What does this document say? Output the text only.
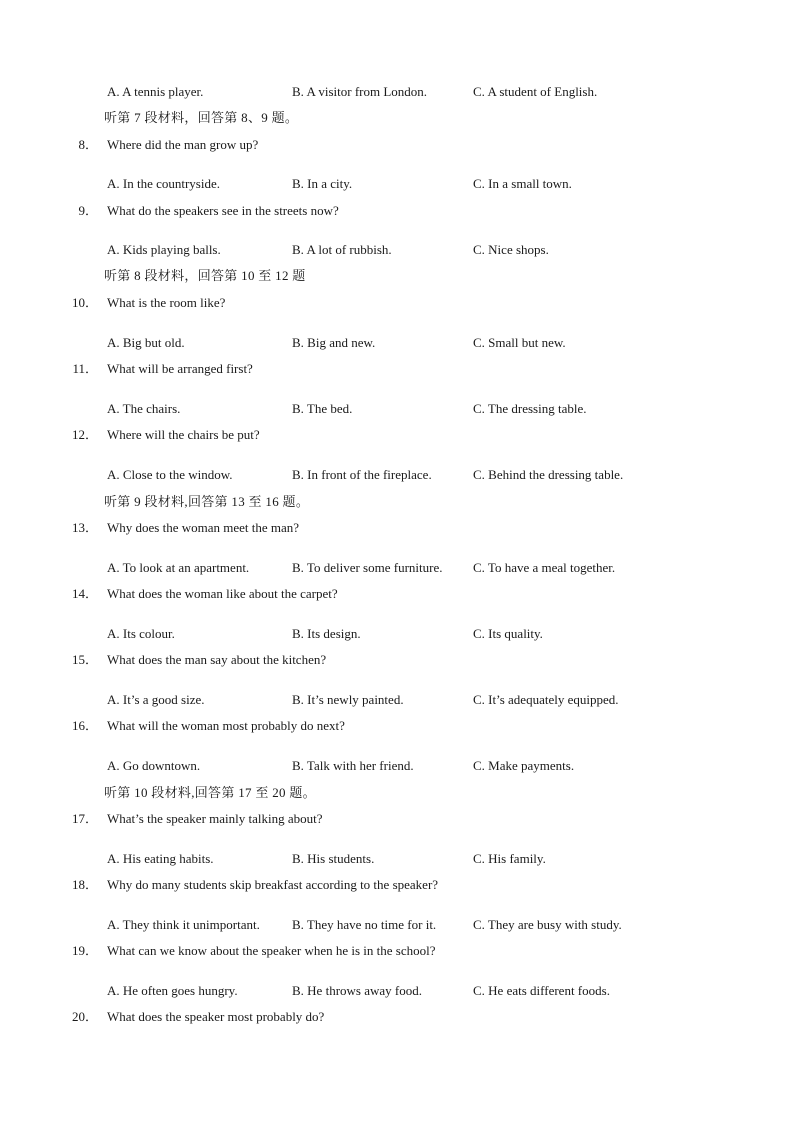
A. A tennis player.	B. A visitor from London.	C. A student of English.
听第 7 段材料，回答第 8、9 题。
8． Where did the man grow up?
A. In the countryside.	B. In a city.	C. In a small town.
9． What do the speakers see in the streets now?
A. Kids playing balls.	B. A lot of rubbish.	C. Nice shops.
听第 8 段材料，回答第 10 至 12 题
10． What is the room like?
A. Big but old.	B. Big and new.	C. Small but new.
11． What will be arranged first?
A. The chairs.	B. The bed.	C. The dressing table.
12． Where will the chairs be put?
A. Close to the window.	B. In front of the fireplace.	C. Behind the dressing table.
听第 9 段材料,回答第 13 至 16 题。
13． Why does the woman meet the man?
A. To look at an apartment.	B. To deliver some furniture. C. To have a meal together.
14． What does the woman like about the carpet?
A. Its colour.	B. Its design.	C. Its quality.
15． What does the man say about the kitchen?
A. It’s a good size.	B. It’s newly painted.	C. It’s adequately equipped.
16． What will the woman most probably do next?
A. Go downtown.	B. Talk with her friend.	C. Make payments.
听第 10 段材料,回答第 17 至 20 题。
17． What’s the speaker mainly talking about?
A. His eating habits.	B. His students.	C. His family.
18． Why do many students skip breakfast according to the speaker?
A. They think it unimportant. B. They have no time for it.	C. They are busy with study.
19． What can we know about the speaker when he is in the school?
A. He often goes hungry.	B. He throws away food.	C. He eats different foods.
20． What does the speaker most probably do?
